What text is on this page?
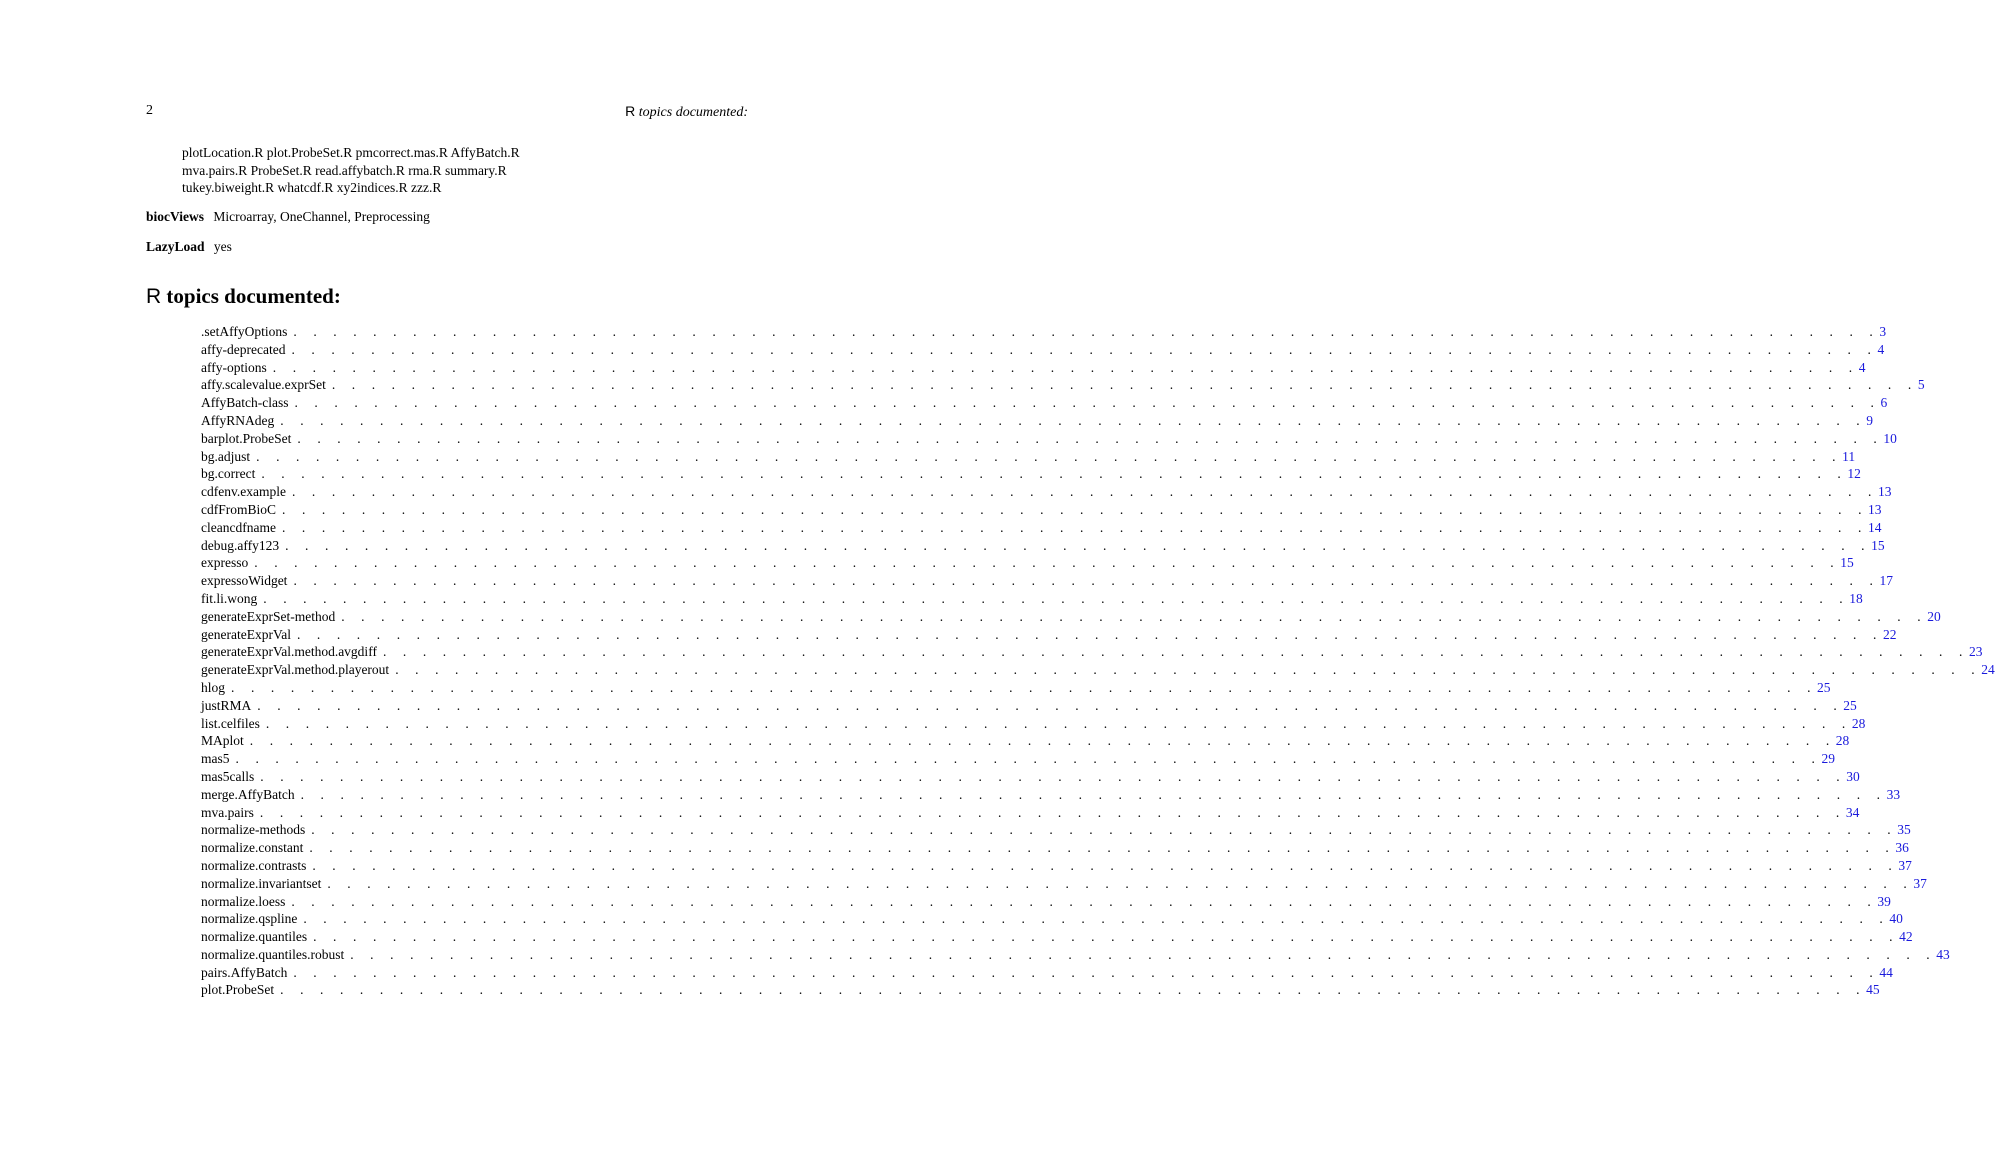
2	R topics documented:
plotLocation.R plot.ProbeSet.R pmcorrect.mas.R AffyBatch.R
mva.pairs.R ProbeSet.R read.affybatch.R rma.R summary.R
tukey.biweight.R whatcdf.R xy2indices.R zzz.R
biocViews Microarray, OneChannel, Preprocessing
LazyLoad yes
R topics documented:
.setAffyOptions . . . . . . . . . . . . . . . . . . . . . . . . . . . . . . . . . . . . . . . . . . . . . . . . . . . . . . . . . . . . . . . . . . . . . . . . . . . . . . . . 3
affy-deprecated . . . . . . . . . . . . . . . . . . . . . . . . . . . . . . . . . . . . . . . . . . . . . . . . . . . . . . . . . . . . . . . . . . . . . . . . . . . . . . . . 4
affy-options . . . . . . . . . . . . . . . . . . . . . . . . . . . . . . . . . . . . . . . . . . . . . . . . . . . . . . . . . . . . . . . . . . . . . . . . . . . . . . . . 4
affy.scalevalue.exprSet . . . . . . . . . . . . . . . . . . . . . . . . . . . . . . . . . . . . . . . . . . . . . . . . . . . . . . . . . . . . . . . . . . . . . . . . . . . . . . . . 5
AffyBatch-class . . . . . . . . . . . . . . . . . . . . . . . . . . . . . . . . . . . . . . . . . . . . . . . . . . . . . . . . . . . . . . . . . . . . . . . . . . . . . . . . 6
AffyRNAdeg . . . . . . . . . . . . . . . . . . . . . . . . . . . . . . . . . . . . . . . . . . . . . . . . . . . . . . . . . . . . . . . . . . . . . . . . . . . . . . . . 9
barplot.ProbeSet . . . . . . . . . . . . . . . . . . . . . . . . . . . . . . . . . . . . . . . . . . . . . . . . . . . . . . . . . . . . . . . . . . . . . . . . . . . . . . . . 10
bg.adjust . . . . . . . . . . . . . . . . . . . . . . . . . . . . . . . . . . . . . . . . . . . . . . . . . . . . . . . . . . . . . . . . . . . . . . . . . . . . . . . . 11
bg.correct . . . . . . . . . . . . . . . . . . . . . . . . . . . . . . . . . . . . . . . . . . . . . . . . . . . . . . . . . . . . . . . . . . . . . . . . . . . . . . . . 12
cdfenv.example . . . . . . . . . . . . . . . . . . . . . . . . . . . . . . . . . . . . . . . . . . . . . . . . . . . . . . . . . . . . . . . . . . . . . . . . . . . . . . . . 13
cdfFromBioC . . . . . . . . . . . . . . . . . . . . . . . . . . . . . . . . . . . . . . . . . . . . . . . . . . . . . . . . . . . . . . . . . . . . . . . . . . . . . . . . 13
cleancdfname . . . . . . . . . . . . . . . . . . . . . . . . . . . . . . . . . . . . . . . . . . . . . . . . . . . . . . . . . . . . . . . . . . . . . . . . . . . . . . . . 14
debug.affy123 . . . . . . . . . . . . . . . . . . . . . . . . . . . . . . . . . . . . . . . . . . . . . . . . . . . . . . . . . . . . . . . . . . . . . . . . . . . . . . . . 15
expresso . . . . . . . . . . . . . . . . . . . . . . . . . . . . . . . . . . . . . . . . . . . . . . . . . . . . . . . . . . . . . . . . . . . . . . . . . . . . . . . . 15
expressoWidget . . . . . . . . . . . . . . . . . . . . . . . . . . . . . . . . . . . . . . . . . . . . . . . . . . . . . . . . . . . . . . . . . . . . . . . . . . . . . . . . 17
fit.li.wong . . . . . . . . . . . . . . . . . . . . . . . . . . . . . . . . . . . . . . . . . . . . . . . . . . . . . . . . . . . . . . . . . . . . . . . . . . . . . . . . 18
generateExprSet-method . . . . . . . . . . . . . . . . . . . . . . . . . . . . . . . . . . . . . . . . . . . . . . . . . . . . . . . . . . . . . . . . . . . . . . . . . . . . . . . . 20
generateExprVal . . . . . . . . . . . . . . . . . . . . . . . . . . . . . . . . . . . . . . . . . . . . . . . . . . . . . . . . . . . . . . . . . . . . . . . . . . . . . . . . 22
generateExprVal.method.avgdiff . . . . . . . . . . . . . . . . . . . . . . . . . . . . . . . . . . . . . . . . . . . . . . . . . . . . . . . . . . . . . . . . . . . . . . . . . . . . . . . . 23
generateExprVal.method.playerout . . . . . . . . . . . . . . . . . . . . . . . . . . . . . . . . . . . . . . . . . . . . . . . . . . . . . . . . . . . . . . . . . . . . . . . . . . . . . . . . 24
hlog . . . . . . . . . . . . . . . . . . . . . . . . . . . . . . . . . . . . . . . . . . . . . . . . . . . . . . . . . . . . . . . . . . . . . . . . . . . . . . . . 25
justRMA . . . . . . . . . . . . . . . . . . . . . . . . . . . . . . . . . . . . . . . . . . . . . . . . . . . . . . . . . . . . . . . . . . . . . . . . . . . . . . . . 25
list.celfiles . . . . . . . . . . . . . . . . . . . . . . . . . . . . . . . . . . . . . . . . . . . . . . . . . . . . . . . . . . . . . . . . . . . . . . . . . . . . . . . . 28
MAplot . . . . . . . . . . . . . . . . . . . . . . . . . . . . . . . . . . . . . . . . . . . . . . . . . . . . . . . . . . . . . . . . . . . . . . . . . . . . . . . . 28
mas5 . . . . . . . . . . . . . . . . . . . . . . . . . . . . . . . . . . . . . . . . . . . . . . . . . . . . . . . . . . . . . . . . . . . . . . . . . . . . . . . . 29
mas5calls . . . . . . . . . . . . . . . . . . . . . . . . . . . . . . . . . . . . . . . . . . . . . . . . . . . . . . . . . . . . . . . . . . . . . . . . . . . . . . . . 30
merge.AffyBatch . . . . . . . . . . . . . . . . . . . . . . . . . . . . . . . . . . . . . . . . . . . . . . . . . . . . . . . . . . . . . . . . . . . . . . . . . . . . . . . . 33
mva.pairs . . . . . . . . . . . . . . . . . . . . . . . . . . . . . . . . . . . . . . . . . . . . . . . . . . . . . . . . . . . . . . . . . . . . . . . . . . . . . . . . 34
normalize-methods . . . . . . . . . . . . . . . . . . . . . . . . . . . . . . . . . . . . . . . . . . . . . . . . . . . . . . . . . . . . . . . . . . . . . . . . . . . . . . . . 35
normalize.constant . . . . . . . . . . . . . . . . . . . . . . . . . . . . . . . . . . . . . . . . . . . . . . . . . . . . . . . . . . . . . . . . . . . . . . . . . . . . . . . . 36
normalize.contrasts . . . . . . . . . . . . . . . . . . . . . . . . . . . . . . . . . . . . . . . . . . . . . . . . . . . . . . . . . . . . . . . . . . . . . . . . . . . . . . . . 37
normalize.invariantset . . . . . . . . . . . . . . . . . . . . . . . . . . . . . . . . . . . . . . . . . . . . . . . . . . . . . . . . . . . . . . . . . . . . . . . . . . . . . . . . 37
normalize.loess . . . . . . . . . . . . . . . . . . . . . . . . . . . . . . . . . . . . . . . . . . . . . . . . . . . . . . . . . . . . . . . . . . . . . . . . . . . . . . . . 39
normalize.qspline . . . . . . . . . . . . . . . . . . . . . . . . . . . . . . . . . . . . . . . . . . . . . . . . . . . . . . . . . . . . . . . . . . . . . . . . . . . . . . . . 40
normalize.quantiles . . . . . . . . . . . . . . . . . . . . . . . . . . . . . . . . . . . . . . . . . . . . . . . . . . . . . . . . . . . . . . . . . . . . . . . . . . . . . . . . 42
normalize.quantiles.robust . . . . . . . . . . . . . . . . . . . . . . . . . . . . . . . . . . . . . . . . . . . . . . . . . . . . . . . . . . . . . . . . . . . . . . . . . . . . . . . . 43
pairs.AffyBatch . . . . . . . . . . . . . . . . . . . . . . . . . . . . . . . . . . . . . . . . . . . . . . . . . . . . . . . . . . . . . . . . . . . . . . . . . . . . . . . . 44
plot.ProbeSet . . . . . . . . . . . . . . . . . . . . . . . . . . . . . . . . . . . . . . . . . . . . . . . . . . . . . . . . . . . . . . . . . . . . . . . . . . . . . . . . 45
